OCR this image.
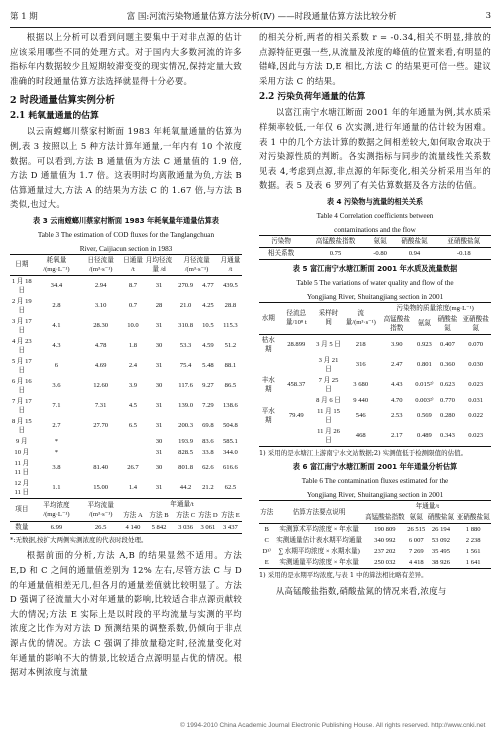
第 1 期	富 国:河流污染物通量估算方法分析(Ⅳ) ——时段通量估算方法比较分析	3

根据以上分析可以看到问题主要集中于对非点源的估计应该采用哪些不同的处理方式。对于国内大多数河流的许多指标年内数据较少且短期较滞变变的现实情况,保持定量大致准确的时段通量估算方法选择就显得十分必要。

2 时段通量估算实例分析
2.1 耗氧量通量的估算

以云南螳螂川蔡家村断面 1983 年耗氧量通量的估算为例,表 3 按照以上 5 种方法计算年通量,一年内有 10 个浓度数据。可以看到,方法 B 通量值为方法 C 通量值的 1.9 倍,方法 D 通量值为 1.7 倍。这表明时均离散通量为负,方法 B 估算通量过大,方法 A 的结果为方法 C 的 1.67 倍,与方法 B 类似,也过大。

表 3 云南螳螂川蔡家村断面 1983 年耗氧量年通量估算表
Table 3 The estimation of COD fluxes for the Tanglangchuan
River, Caijiacun section in 1983
日期	耗氧量 /(mg·L⁻¹)	日径流量 /(m³·s⁻¹)	日通量 /t	月均径流量 /d	月径流量 /(m³·s⁻¹)		月通量 /t
1 月 18 日	34.4	2.94	8.7	31	270.9	4.77	439.5
2 月 19 日	2.8	3.10	0.7	28	21.0	4.25	28.8
3 月 17 日	4.1	28.30	10.0	31	310.8	10.5	115.3
4 月 23 日	4.3	4.78	1.8	30	53.3	4.59	51.2
5 月 17 日	6	4.69	2.4	31	75.4	5.48	88.1
6 月 16 日	3.6	12.60	3.9	30	117.6	9.27	86.5
7 月 17 日	7.1	7.31	4.5	31	139.0	7.29	138.6
8 月 15 日	2.7	27.70	6.5	31	200.3	69.8	504.8
9 月	*			30	193.9	83.6	585.1
10 月	*			31	828.5	33.8	344.0
11 月 11 日	3.8	81.40	26.7	30	801.8	62.6	616.6
12 月 11 日	1.1	15.00	1.4	31	44.2	21.2	62.5
项目	平均浓度 /(mg·L⁻¹)	平均流量 /(m³·s⁻¹)	年通量/t				
			方法 A	方法 B	方法 C	方法 D	方法 E
数量	6.99	26.5	4 140	5 842	3 036	3 061	3 437
*:无数据,按扩大两侧实测浓度的代表时段处理。

根据前面的分析,方法 A,B 的结果显然不适用。方法 E,D 和 C 之间的通量值差别为 12% 左右,尽管方法 C 与 D 的年通量值相差无几,但各月的通量差值就比较明显了。方法 D 强调了径流量大小对年通量的影响,比较适合非点源贡献较大的情况;方法 E 实际上是以时段的平均流量与实测的平均浓度之比作为对方法 D 预测结果的调整系数,仍倾向于非点源占优的情况。方法 C 强调了排放量稳定时,径流量变化对年通量的影响不大的情景,比较适合点源明显占优的情况。根据对本例浓度与流量

的相关分析,两者的相关系数 r = -0.34,相关不明显,排放的点源特征更强一些,从流量及浓度的峰值的位置来看,有明显的错峰,因此与方法 D,E 相比,方法 C 的结果更可信一些。建议采用方法 C 的结果。

2.2 污染负荷年通量的估算

以富江南宁水塘江断面 2001 年的年通量为例,其水质采样频率较低,一年仅 6 次实测,进行年通量的估计较为困难。表 1 中的几个方法计算的数据之间相差较大,如何取舍取决于对污染源性质的判断。各实测指标与同步的流量线性关系数见表 4,考虑到点源,非点源的年际变化,相关分析采用当年的数据。表 5 及表 6 罗列了有关估算数据及各方法的估值。

表 4 污染物与流量的相关关系
Table 4 Correlation coefficients between
contaminations and the flow
污染物	高锰酸盐指数	氨氮	硝酸盐氮	亚硝酸盐氮
相关系数	0.75	-0.80	0.94	-0.18
表 5 富江南宁水塘江断面 2001 年水质及流量数据
Table 5 The variations of water quality and flow of the
Yongjiang River, Shuitangjiang section in 2001
水期	径流总量/10⁸ t	采样时间	流量/(m³·s⁻¹)	污染物的质量浓度(mg·L⁻¹)			
				高锰酸盐指数	氨氮	硝酸盐氮	亚硝酸盐氮
枯水期	28.899	3 月 5 日	218	3.90	0.923	0.407	0.070
		3 月 21 日	316	2.47	0.801	0.360	0.030
丰水期	458.37	7 月 25 日	3 680	4.43	0.015²⁾	0.623	0.023
		8 月 6 日	9 440	4.70	0.003²⁾	0.770	0.031
平水期	79.49	11 月 15 日	546	2.53	0.569	0.280	0.022
		11 月 26 日	468	2.17	0.489	0.343	0.023
1) 采用的是水塘江上游南宁水文站数据;2) 实测值低于检测限值的估值。
表 6 富江南宁水塘江断面 2001 年年通量分析估算
Table 6 The contamination fluxes estimated for the
Yongjiang River, Shuitangjiang section in 2001
方法	估算方法要点说明	年通量/t			
		高锰酸盐指数	氨氮	硝酸盐氮	亚硝酸盐氮
B	实测算术平均浓度 × 年水量	190 809	26 515	26 194	1 880
C	实测通量估计表水期平均通量	340 992	6 007	53 092	2 238
D¹⁾	∑ 水期平均浓度 × 水期水量)	237 202	7 269	35 495	1 561
E	实测通量平均浓度 × 年水量	250 032	4 418	38 926	1 641
1) 采用的是水期平均浓度,与表 1 中的算法相比略有差异。

从高锰酸盐指数,硝酸盐氮的情况来看,浓度与

© 1994-2010 China Academic Journal Electronic Publishing House. All rights reserved. http://www.cnki.net
